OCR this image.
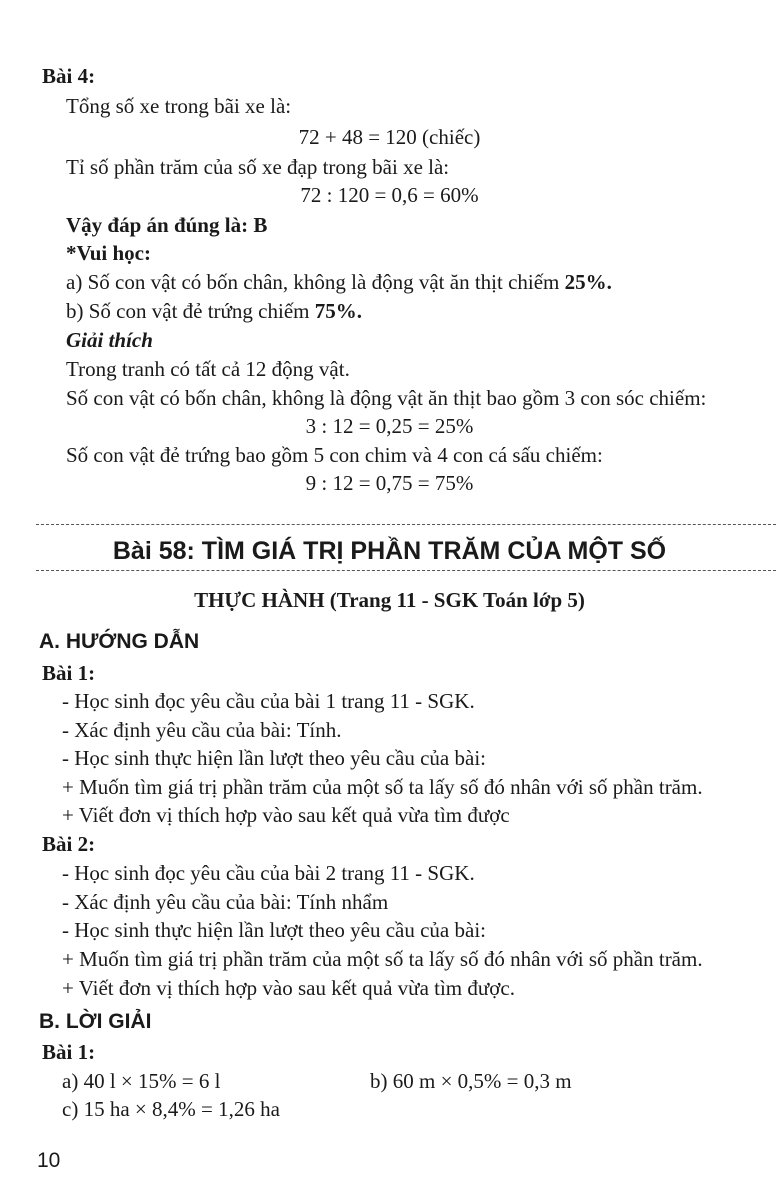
Bài 4:
Tổng số xe trong bãi xe là:
72 + 48 = 120 (chiếc)
Tỉ số phần trăm của số xe đạp trong bãi xe là:
72 : 120 = 0,6 = 60%
Vậy đáp án đúng là: B
*Vui học:
a) Số con vật có bốn chân, không là động vật ăn thịt chiếm 25%.
b) Số con vật đẻ trứng chiếm 75%.
Giải thích
Trong tranh có tất cả 12 động vật.
Số con vật có bốn chân, không là động vật ăn thịt bao gồm 3 con sóc chiếm:
3 : 12 = 0,25 = 25%
Số con vật đẻ trứng bao gồm 5 con chim và 4 con cá sấu chiếm:
9 : 12 = 0,75 = 75%
Bài 58: TÌM GIÁ TRỊ PHẦN TRĂM CỦA MỘT SỐ
THỰC HÀNH (Trang 11 - SGK Toán lớp 5)
A. HƯỚNG DẪN
Bài 1:
- Học sinh đọc yêu cầu của bài 1 trang 11 - SGK.
- Xác định yêu cầu của bài: Tính.
- Học sinh thực hiện lần lượt theo yêu cầu của bài:
+ Muốn tìm giá trị phần trăm của một số ta lấy số đó nhân với số phần trăm.
+ Viết đơn vị thích hợp vào sau kết quả vừa tìm được
Bài 2:
- Học sinh đọc yêu cầu của bài 2 trang 11 - SGK.
- Xác định yêu cầu của bài: Tính nhẩm
- Học sinh thực hiện lần lượt theo yêu cầu của bài:
+ Muốn tìm giá trị phần trăm của một số ta lấy số đó nhân với số phần trăm.
+ Viết đơn vị thích hợp vào sau kết quả vừa tìm được.
B. LỜI GIẢI
Bài 1:
a) 40 l × 15% = 6 l	b) 60 m × 0,5% = 0,3 m
c) 15 ha × 8,4% = 1,26 ha
10
